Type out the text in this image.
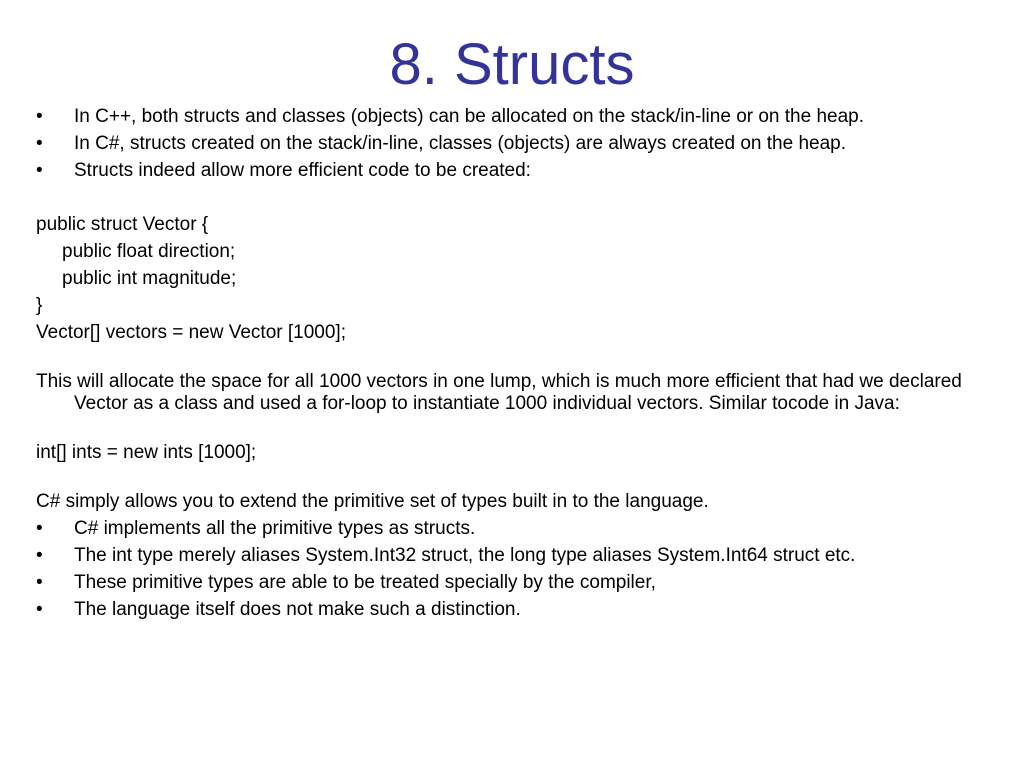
8. Structs
•	In C++, both structs and classes (objects) can be allocated on the stack/in-line or on the heap.
•	In C#, structs created on the stack/in-line, classes (objects) are always created on the heap.
•	Structs indeed allow more efficient code to be created:

public struct Vector {

public float direction;

public int magnitude;

}

Vector[] vectors = new Vector [1000];

This will allocate the space for all 1000 vectors in one lump, which is much more efficient that had we declared Vector as a class and used a for-loop to instantiate 1000 individual vectors. Similar tocode in Java:
int[] ints = new ints [1000];
C# simply allows you to extend the primitive set of types built in to the language.
•	C# implements all the primitive types as structs.
•	The int type merely aliases System.Int32 struct, the long type aliases System.Int64 struct etc.
•	These primitive types are able to be treated specially by the compiler,
•	The language itself does not make such a distinction.
